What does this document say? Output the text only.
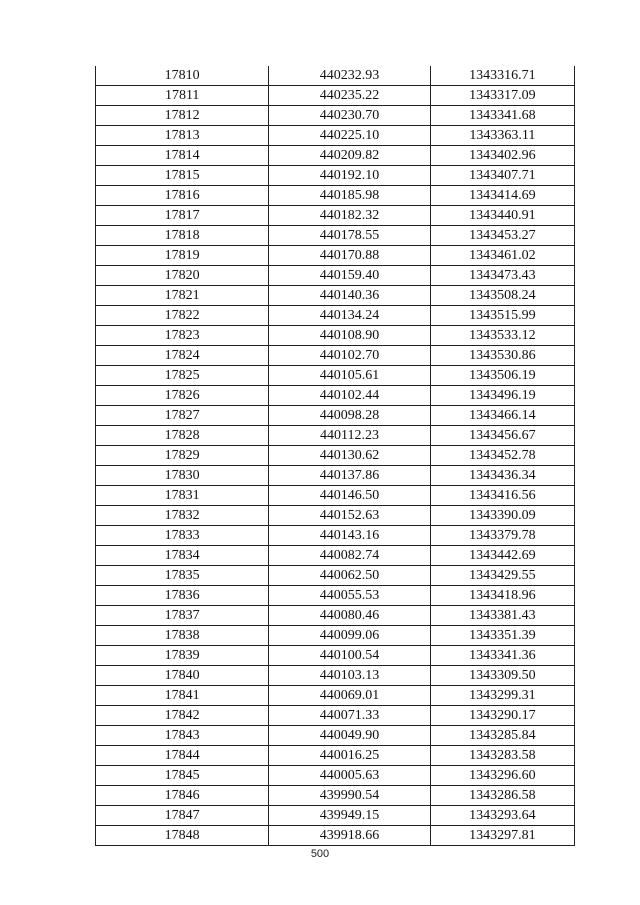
17810	440232.93	1343316.71
17811	440235.22	1343317.09
17812	440230.70	1343341.68
17813	440225.10	1343363.11
17814	440209.82	1343402.96
17815	440192.10	1343407.71
17816	440185.98	1343414.69
17817	440182.32	1343440.91
17818	440178.55	1343453.27
17819	440170.88	1343461.02
17820	440159.40	1343473.43
17821	440140.36	1343508.24
17822	440134.24	1343515.99
17823	440108.90	1343533.12
17824	440102.70	1343530.86
17825	440105.61	1343506.19
17826	440102.44	1343496.19
17827	440098.28	1343466.14
17828	440112.23	1343456.67
17829	440130.62	1343452.78
17830	440137.86	1343436.34
17831	440146.50	1343416.56
17832	440152.63	1343390.09
17833	440143.16	1343379.78
17834	440082.74	1343442.69
17835	440062.50	1343429.55
17836	440055.53	1343418.96
17837	440080.46	1343381.43
17838	440099.06	1343351.39
17839	440100.54	1343341.36
17840	440103.13	1343309.50
17841	440069.01	1343299.31
17842	440071.33	1343290.17
17843	440049.90	1343285.84
17844	440016.25	1343283.58
17845	440005.63	1343296.60
17846	439990.54	1343286.58
17847	439949.15	1343293.64
17848	439918.66	1343297.81
500
